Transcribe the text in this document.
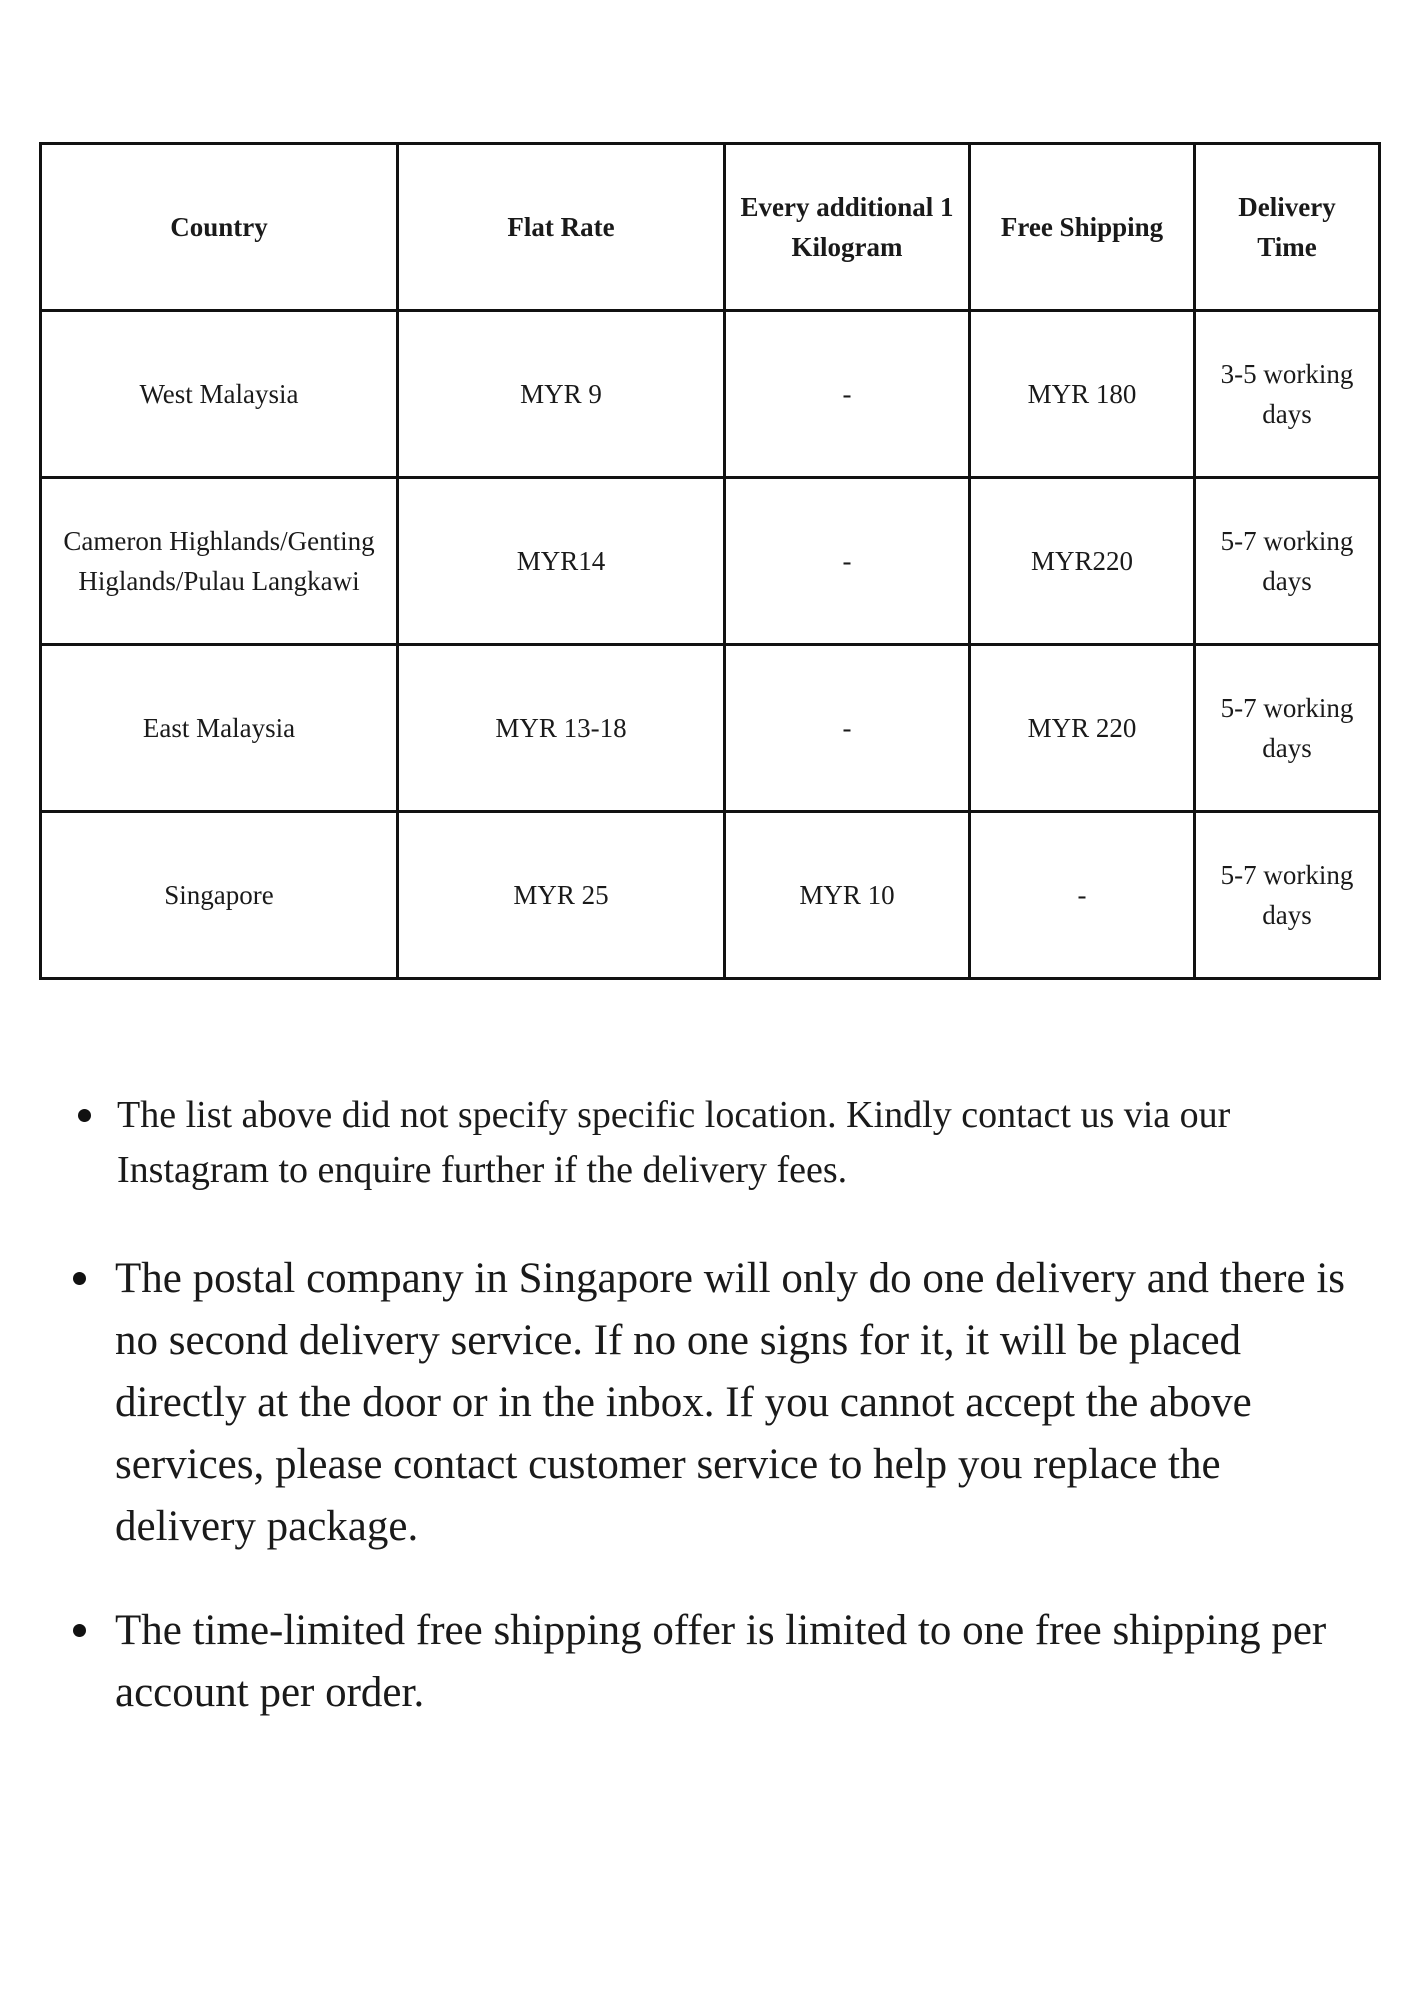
Country	Flat Rate	Every additional 1 Kilogram	Free Shipping	Delivery Time
West Malaysia	MYR 9	-	MYR 180	3-5 working days
Cameron Highlands/Genting Higlands/Pulau Langkawi	MYR14	-	MYR220	5-7 working days
East Malaysia	MYR 13-18	-	MYR 220	5-7 working days
Singapore	MYR 25	MYR 10	-	5-7 working days

The list above did not specify specific location. Kindly contact us via our Instagram to enquire further if the delivery fees.

The postal company in Singapore will only do one delivery and there is no second delivery service. If no one signs for it, it will be placed directly at the door or in the inbox. If you cannot accept the above services, please contact customer service to help you replace the delivery package.

The time-limited free shipping offer is limited to one free shipping per account per order.
